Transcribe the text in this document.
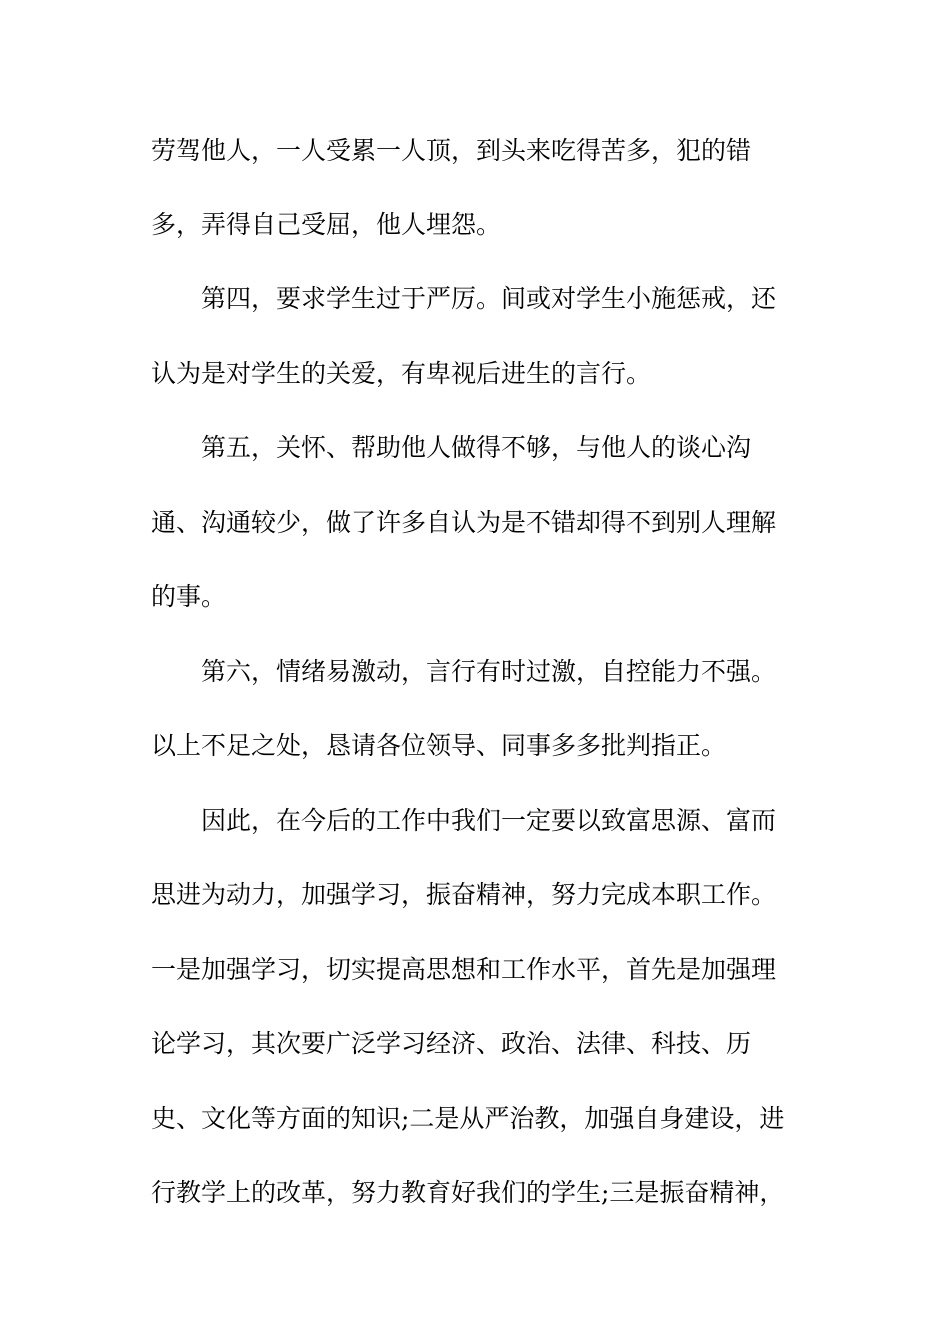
劳驾他人，一人受累一人顶，到头来吃得苦多，犯的错
多，弄得自己受屈，他人埋怨。
　　第四，要求学生过于严厉。间或对学生小施惩戒，还
认为是对学生的关爱，有卑视后进生的言行。
　　第五，关怀、帮助他人做得不够，与他人的谈心沟
通、沟通较少，做了许多自认为是不错却得不到别人理解
的事。
　　第六，情绪易激动，言行有时过激，自控能力不强。
以上不足之处，恳请各位领导、同事多多批判指正。
　　因此，在今后的工作中我们一定要以致富思源、富而
思进为动力，加强学习，振奋精神，努力完成本职工作。
一是加强学习，切实提高思想和工作水平，首先是加强理
论学习，其次要广泛学习经济、政治、法律、科技、历
史、文化等方面的知识;二是从严治教，加强自身建设，进
行教学上的改革，努力教育好我们的学生;三是振奋精神，
